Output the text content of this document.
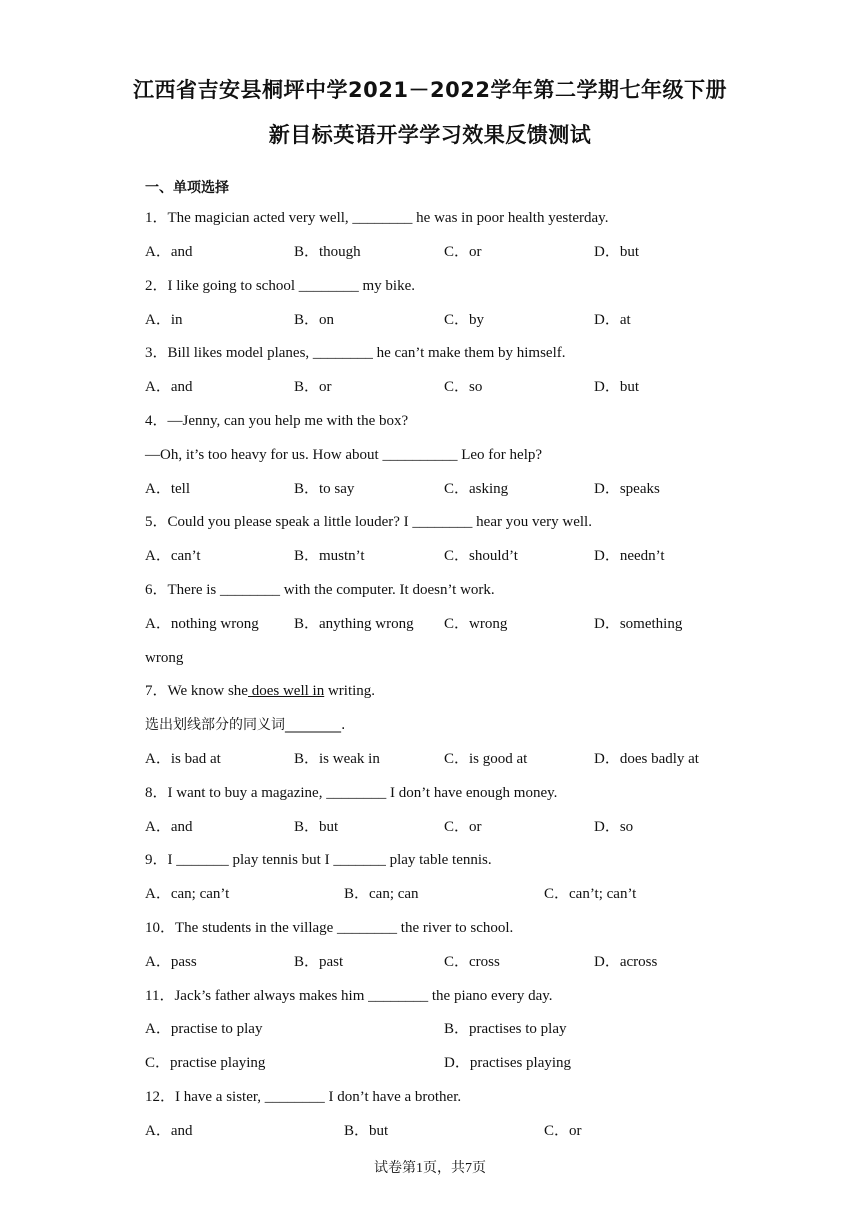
江西省吉安县桐坪中学2021－2022学年第二学期七年级下册
新目标英语开学学习效果反馈测试
一、单项选择
1．The magician acted very well, ________ he was in poor health yesterday.
A．and	B．though	C．or	D．but
2．I like going to school ________ my bike.
A．in	B．on	C．by	D．at
3．Bill likes model planes, ________ he can’t make them by himself.
A．and	B．or	C．so	D．but
4．—Jenny, can you help me with the box?
—Oh, it’s too heavy for us. How about __________ Leo for help?
A．tell	B．to say	C．asking	D．speaks
5．Could you please speak a little louder? I ________ hear you very well.
A．can’t	B．mustn’t	C．should’t	D．needn’t
6．There is ________ with the computer. It doesn’t work.
A．nothing wrong B．anything wrong C．wrong	D．something
wrong
7．We know she does well in writing.
选出划线部分的同义词________.
A．is bad at	B．is weak in	C．is good at	D．does badly at
8．I want to buy a magazine, ________ I don’t have enough money.
A．and	B．but	C．or	D．so
9．I _______ play tennis but I _______ play table tennis.
A．can; can’t	B．can; can	C．can’t; can’t
10．The students in the village ________ the river to school.
A．pass	B．past	C．cross	D．across
11．Jack’s father always makes him ________ the piano every day.
A．practise to play	B．practises to play
C．practise playing	D．practises playing
12．I have a sister, ________ I don’t have a brother.
A．and	B．but	C．or
试卷第1页，共7页
